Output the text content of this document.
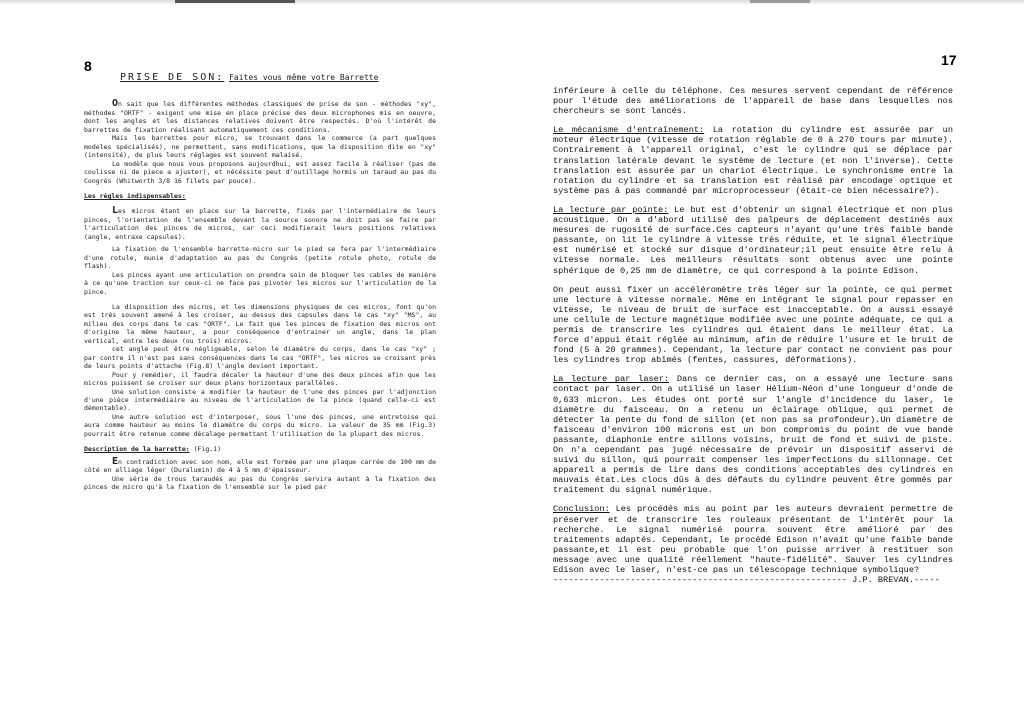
8
PRISE DE SON: Faites vous même votre Barrette

On sait que les différentes méthodes classiques de prise de son - méthodes "xy", méthodes "ORTF" - exigent une mise en place précise des deux microphones mis en oeuvre, dont les angles et les distances relatives doivent être respectés. D'où l'intérêt de barrettes de fixation réalisant automatiquement ces conditions.

Mais les barrettes pour micro, se trouvant dans le commerce (a part quelques modeles spécialisés), ne permettent, sans modifications, que la disposition dite en "xy" (intensité), de plus leurs réglages est souvent malaisé.

Le modèle que nous vous proposons aujourdhui, est assez facile à réaliser (pas de coulisse ni de piece a ajuster), et nécéssite peut d'outillage hormis un taraud au pas du Congrès (Whitworth 3/8 16 filets par pouce).

Les règles indispensables:

Les micros étant en place sur la barrette, fixés par l'intermédiaire de leurs pinces, l'orientation de l'ensemble devant la source sonore ne doit pas se faire par l'articulation des pinces de micros, car ceci modifierait leurs positions relatives (angle, entraxe capsules).

La fixation de l'ensemble barrette-micro sur le pied se fera par l'intermédiaire d'une rotule, munie d'adaptation au pas du Congrès (petite rotule photo, rotule de flash).

Les pinces ayant une articulation on prendra soin de bloquer les cables de manière à ce qu'une traction sur ceux-ci ne face pas pivoter les micros sur l'articulation de la pince.

La disposition des micros, et les dimensions physiques de ces micros, font qu'on est très souvent amené à les croiser, au dessus des capsules dans le cas "xy" "MS", au milieu des corps dans le cas "ORTF". Le fait que les pinces de fixation des micros ont d'origine la même hauteur, a pour conséquence d'entrainer un angle, dans le plan vertical, entre les deux (ou trois) micros.

cet angle peut être négligeable, selon le diamètre du corps, dans le cas "xy" ; par contre il n'est pas sans conséquences dans le cas "ORTF", les micros se croisant près de leurs points d'attache (Fig.8) l'angle devient important.

Pour y remédier, il faudra décaler la hauteur d'une des deux pinces afin que les micros puissent se croiser sur deux plans horizontaux parallèles.

Une solution consiste a modifier la hauteur de l'une des pinces par l'adjonction d'une pièce intermédiaire au niveau de l'articulation de la pince (quand celle-ci est démontable).

Une autre solution est d'interposer, sous l'une des pinces, une entretoise qui aura comme hauteur au moins le diamètre du corps du micro. La valeur de 35 mm (Fig.3) pourrait être retenue comme décalage permettant l'utilisation de la plupart des micros.

Description de la barrette: (Fig.1)

En contradiction avec son nom, elle est formée par une plaque carrée de 100 mm de côté en alliage léger (Duralumin) de 4 à 5 mm d'épaisseur.

Une série de trous taraudés au pas du Congrès servira autant à la fixation des pinces de micro qu'à la fixation de l'ensemble sur le pied par

17

inférieure à celle du téléphone. Ces mesures servent cependant de référence pour l'étude des améliorations de l'appareil de base dans lesquelles nos chercheurs se sont lancés.

Le mécanisme d'entraînement: La rotation du cylindre est assurée par un moteur électrique (vitesse de rotation réglable de 0 à 270 tours par minute). Contrairement à l'appareil original, c'est le cylindre qui se déplace par translation latérale devant le système de lecture (et non l'inverse). Cette translation est assurée par un chariot électrique. Le synchronisme entre la rotation du cylindre et sa translation est réalisé par encodage optique et système pas à pas commandé par microprocesseur (était-ce bien nécessaire?).

La lecture par pointe: Le but est d'obtenir un signal électrique et non plus acoustique. On a d'abord utilisé des palpeurs de déplacement destinés aux mesures de rugosité de surface.Ces capteurs n'ayant qu'une très faible bande passante, on lit le cylindre à vitesse très réduite, et le signal électrique est numérisé et stocké sur disque d'ordinateur;il peut ensuite être relu à vitesse normale. Les meilleurs résultats sont obtenus avec une pointe sphérique de 0,25 mm de diamètre, ce qui correspond à la pointe Edison.

On peut aussi fixer un accéléromètre très léger sur la pointe, ce qui permet une lecture à vitesse normale. Même en intégrant le signal pour repasser en vitesse, le niveau de bruit de surface est inacceptable. On a aussi essayé une cellule de lecture magnétique modifiée avec une pointe adéquate, ce qui a permis de transcrire les cylindres qui étaient dans le meilleur état. La force d'appui était réglée au minimum, afin de réduire l'usure et le bruit de fond (5 à 20 grammes). Cependant, la lecture par contact ne convient pas pour les cylindres trop abîmés (fentes, cassures, déformations).

La lecture par laser: Dans ce dernier cas, on a essayé une lecture sans contact par laser. On a utilisé un laser Hélium-Néon d'une longueur d'onde de 0,633 micron. Les études ont porté sur l'angle d'incidence du laser, le diamètre du faisceau. On a retenu un éclairage oblique, qui permet de détecter la pente du fond de sillon (et non pas sa profondeur).Un diamètre de faisceau d'environ 100 microns est un bon compromis du point de vue bande passante, diaphonie entre sillons voisins, bruit de fond et suivi de piste. On n'a cependant pas jugé nécessaire de prévoir un dispositif asservi de suivi du sillon, qui pourrait compenser les imperfections du sillonnage. Cet appareil a permis de lire dans des conditions acceptables des cylindres en mauvais état.Les clocs dûs à des défauts du cylindre peuvent être gommés par traitement du signal numérique.

Conclusion: Les procédés mis au point par les auteurs devraient permettre de préserver et de transcrire les rouleaux présentant de l'intérêt pour la recherche. Le signal numérisé pourra souvent être amélioré par des traitements adaptés. Cependant, le procédé Edison n'avait qu'une faible bande passante,et il est peu probable que l'on puisse arriver à restituer son message avec une qualité réellement "haute-fidélité". Sauver les cylindres Edison avec le laser, n'est-ce pas un télescopage technique symbolique?

--------------------------------------------------------- J.P. BREVAN.-----
